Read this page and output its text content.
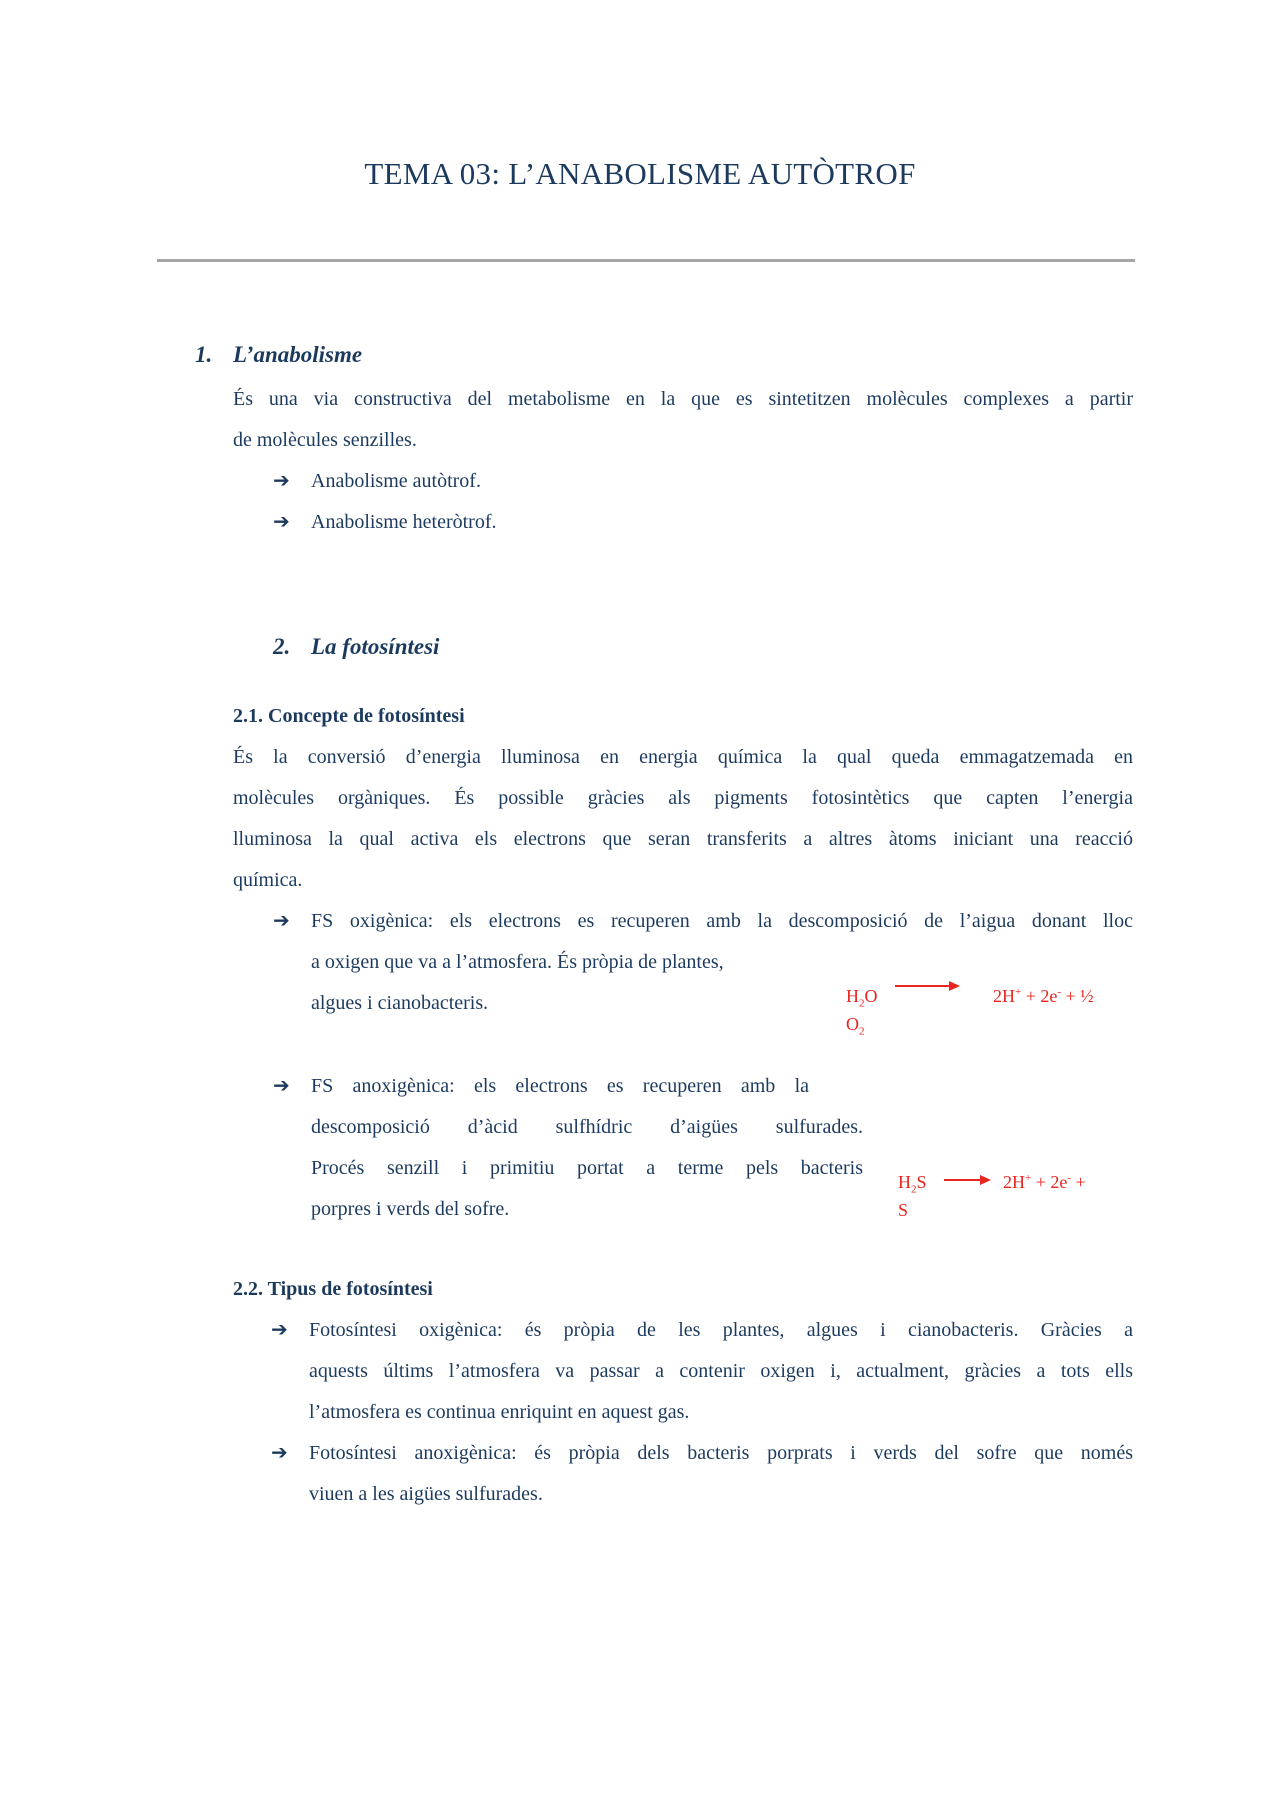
TEMA 03: L’ANABOLISME AUTÒTROF
1. L’anabolisme
És una via constructiva del metabolisme en la que es sintetitzen molècules complexes a partir
de molècules senzilles.
➔ Anabolisme autòtrof.
➔ Anabolisme heteròtrof.
2. La fotosíntesi
2.1. Concepte de fotosíntesi
És la conversió d’energia lluminosa en energia química la qual queda emmagatzemada en
molècules orgàniques. És possible gràcies als pigments fotosintètics que capten l’energia
lluminosa la qual activa els electrons que seran transferits a altres àtoms iniciant una reacció
química.
➔ FS oxigènica: els electrons es recuperen amb la descomposició de l’aigua donant lloc
a oxigen que va a l’atmosfera. És pròpia de plantes,
algues i cianobacteris.	$H_2O$	2H+ + 2e- + ½
$O_2$
➔ FS anoxigènica: els electrons es recuperen amb la
descomposició d’àcid sulfhídric d’aigües sulfurades.
Procés senzill i primitiu portat a terme pels bacteris
porpres i verds del sofre.
$H_2S \to 2H^+ + 2e^-$ +
S
2.2. Tipus de fotosíntesi
➔ Fotosíntesi oxigènica: és pròpia de les plantes, algues i cianobacteris. Gràcies a
aquests últims l’atmosfera va passar a contenir oxigen i, actualment, gràcies a tots ells
l’atmosfera es continua enriquint en aquest gas.
➔ Fotosíntesi anoxigènica: és pròpia dels bacteris porprats i verds del sofre que només
viuen a les aigües sulfurades.
